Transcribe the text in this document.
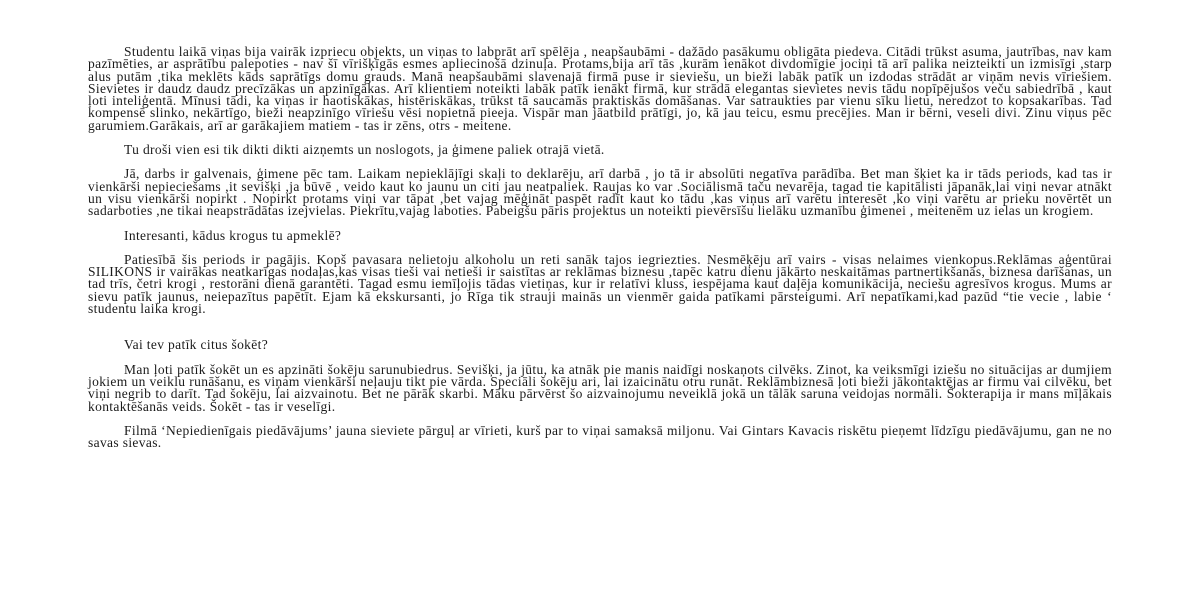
Studentu laikā viņas bija vairāk izpriecu objekts, un viņas to labprāt arī spēlēja , neapšaubāmi - dažādo pasākumu obligāta piedeva. Citādi trūkst asuma, jautrības, nav kam pazīmēties, ar asprātību palepoties - nav šī vīrišķīgās esmes apliecinošā dzinuļa. Protams,bija arī tās ,kurām ienākot divdomīgie jociņi tā arī palika neizteikti un izmisīgi ,starp alus putām ,tika meklēts kāds saprātīgs domu grauds. Manā neapšaubāmi slavenajā firmā puse ir sieviešu, un bieži labāk patīk un izdodas strādāt ar viņām nevis vīriešiem. Sievietes ir daudz daudz precīzākas un apzinīgākas. Arī klientiem noteikti labāk patīk ienākt firmā, kur strādā elegantas sievietes nevis tādu nopīpējušos veču sabiedrībā , kaut ļoti inteliģentā. Mīnusi tādi, ka viņas ir haotiskākas, histēriskākas, trūkst tā saucamās praktiskās domāšanas. Var satraukties par vienu sīku lietu, neredzot to kopsakarības. Tad kompensē slinko, nekārtīgo, bieži neapzinīgo vīriešu vēsi nopietnā pieeja. Vispār man jāatbild prātīgi, jo, kā jau teicu, esmu precējies. Man ir bērni, veseli divi. Zinu viņus pēc garumiem.Garākais, arī ar garākajiem matiem - tas ir zēns, otrs - meitene.

Tu droši vien esi tik dikti dikti aizņemts un noslogots, ja ģimene paliek otrajā vietā.

Jā, darbs ir galvenais, ģimene pēc tam. Laikam nepieklājīgi skaļi to deklarēju, arī darbā , jo tā ir absolūti negatīva parādība. Bet man šķiet ka ir tāds periods, kad tas ir vienkārši nepieciešams ,it sevišķi ,ja būvē , veido kaut ko jaunu un citi jau neatpaliek. Raujas ko var .Sociālismā taču nevarēja, tagad tie kapitālisti jāpanāk,lai viņi nevar atnākt un visu vienkārši nopirkt . Nopirkt protams viņi var tāpat ,bet vajag mēģināt paspēt radīt kaut ko tādu ,kas viņus arī varētu interesēt ,ko viņi varētu ar prieku novērtēt un sadarboties ,ne tikai neapstrādātas izejvielas. Piekrītu,vajag laboties. Pabeigšu pāris projektus un noteikti pievērsīšu lielāku uzmanību ģimenei , meitenēm uz ielas un krogiem.

Interesanti, kādus krogus tu apmeklē?

Patiesībā šis periods ir pagājis. Kopš pavasara nelietoju alkoholu un reti sanāk tajos iegriezties. Nesmēķēju arī vairs - visas nelaimes vienkopus.Reklāmas aģentūrai SILIKONS ir vairākas neatkarīgas nodaļas,kas visas tieši vai netieši ir saistītas ar reklāmas biznesu ,tapēc katru dienu jākārto neskaitāmas partnertikšanās, biznesa darīšanas, un tad trīs, četri krogi , restorāni dienā garantēti. Tagad esmu iemīļojis tādas vietiņas, kur ir relatīvi kluss, iespējama kaut daļēja komunikācija, neciešu agresīvos krogus. Mums ar sievu patīk jaunus, neiepazītus papētīt. Ejam kā ekskursanti, jo Rīga tik strauji mainās un vienmēr gaida patīkami pārsteigumi. Arī nepatīkami,kad pazūd “tie vecie , labie ‘ studentu laika krogi.

Vai tev patīk citus šokēt?

Man ļoti patīk šokēt un es apzināti šokēju sarunubiedrus. Sevišķi, ja jūtu, ka atnāk pie manis naidīgi noskaņots cilvēks. Zinot, ka veiksmīgi iziešu no situācijas ar dumjiem jokiem un veiklu runāšanu, es viņam vienkārši neļauju tikt pie vārda. Speciāli šokēju ari, lai izaicinātu otru runāt. Reklāmbiznesā ļoti bieži jākontaktējas ar firmu vai cilvēku, bet viņi negrib to darīt. Tad šokēju, lai aizvainotu. Bet ne pārāk skarbi. Māku pārvērst šo aizvainojumu neveiklā jokā un tālāk saruna veidojas normāli. Šokterapija ir mans mīļākais kontaktēšanās veids. Šokēt - tas ir veselīgi.

Filmā ‘Nepiedienīgais piedāvājums’ jauna sieviete pārguļ ar vīrieti, kurš par to viņai samaksā miljonu. Vai Gintars Kavacis riskētu pieņemt līdzīgu piedāvājumu, gan ne no savas sievas.
